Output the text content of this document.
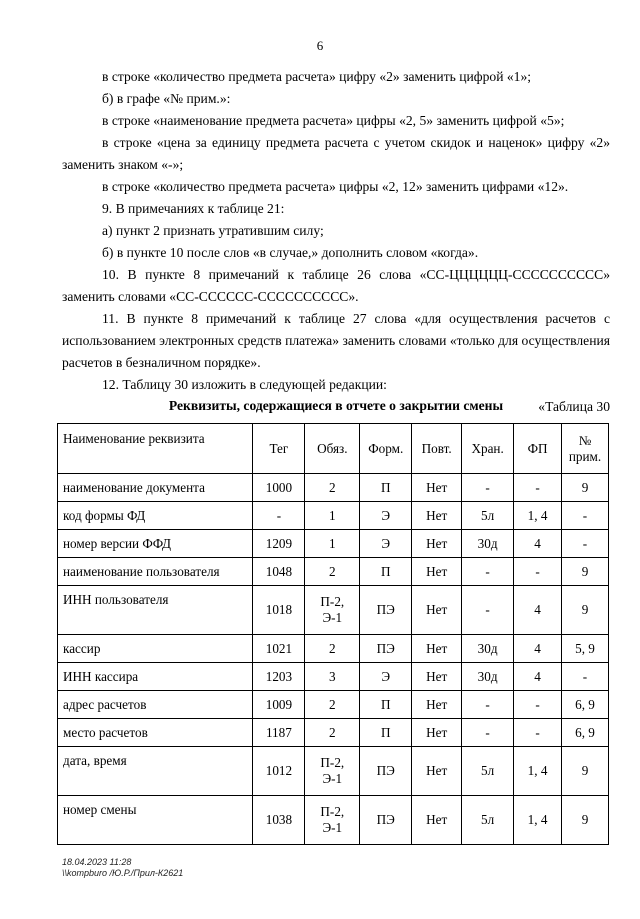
6

в строке «количество предмета расчета» цифру «2» заменить цифрой «1»;

б) в графе «№ прим.»:

в строке «наименование предмета расчета» цифры «2, 5» заменить цифрой «5»;

в строке «цена за единицу предмета расчета с учетом скидок и наценок» цифру «2» заменить знаком «-»;

в строке «количество предмета расчета» цифры «2, 12» заменить цифрами «12».

9. В примечаниях к таблице 21:

а) пункт 2 признать утратившим силу;

б) в пункте 10 после слов «в случае,» дополнить словом «когда».

10. В пункте 8 примечаний к таблице 26 слова «СС-ЦЦЦЦЦЦ-СССССССССС» заменить словами «СС-СССССС-СССССССССС».

11. В пункте 8 примечаний к таблице 27 слова «для осуществления расчетов с использованием электронных средств платежа» заменить словами «только для осуществления расчетов в безналичном порядке».

12. Таблицу 30 изложить в следующей редакции:

«Таблица 30

Реквизиты, содержащиеся в отчете о закрытии смены
Наименование реквизита	Тег	Обяз.	Форм.	Повт.	Хран.	ФП	№ прим.
наименование документа	1000	2	П	Нет	-	-	9
код формы ФД	-	1	Э	Нет	5л	1, 4	-
номер версии ФФД	1209	1	Э	Нет	30д	4	-
наименование пользователя	1048	2	П	Нет	-	-	9
ИНН пользователя	1018	П-2, Э-1	ПЭ	Нет	-	4	9
кассир	1021	2	ПЭ	Нет	30д	4	5, 9
ИНН кассира	1203	3	Э	Нет	30д	4	-
адрес расчетов	1009	2	П	Нет	-	-	6, 9
место расчетов	1187	2	П	Нет	-	-	6, 9
дата, время	1012	П-2, Э-1	ПЭ	Нет	5л	1, 4	9
номер смены	1038	П-2, Э-1	ПЭ	Нет	5л	1, 4	9
18.04.2023 11:28
\\kompburo /Ю.Р./Прил-К2621
